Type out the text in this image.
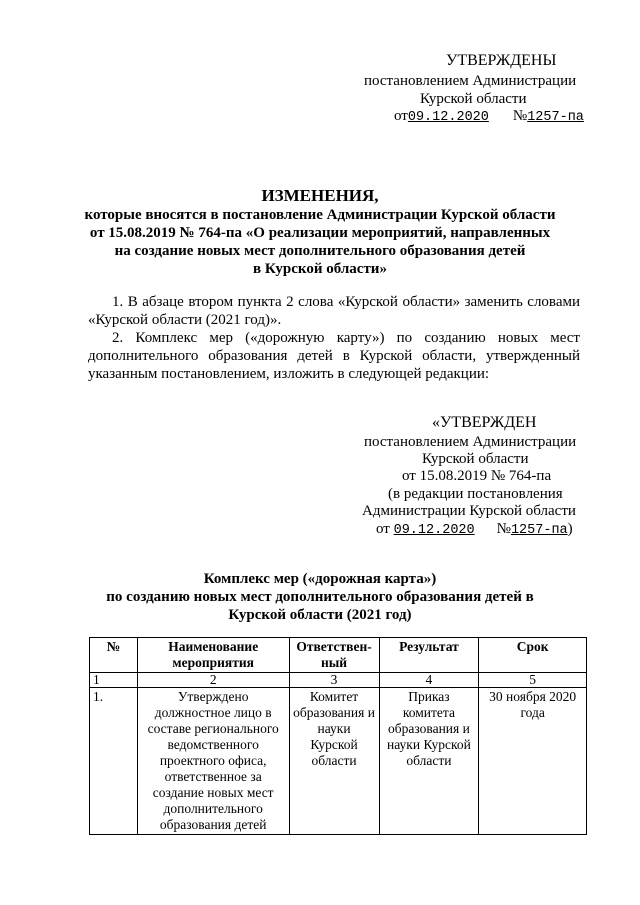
УТВЕРЖДЕНЫ
постановлением Администрации
Курской области
от09.12.2020 №1257-па
ИЗМЕНЕНИЯ,
которые вносятся в постановление Администрации Курской области
от 15.08.2019 № 764-па «О реализации мероприятий, направленных
на создание новых мест дополнительного образования детей
в Курской области»

1. В абзаце втором пункта 2 слова «Курской области» заменить словами «Курской области (2021 год)».

2. Комплекс мер («дорожную карту») по созданию новых мест дополнительного образования детей в Курской области, утвержденный указанным постановлением, изложить в следующей редакции:

«УТВЕРЖДЕН
постановлением Администрации
Курской области
от 15.08.2019 № 764-па
(в редакции постановления
Администрации Курской области
от 09.12.2020 №1257-па)
Комплекс мер («дорожная карта»)
по созданию новых мест дополнительного образования детей в
Курской области (2021 год)
№	Наименование мероприятия	Ответствен-ный	Результат	Срок
1	2	3	4	5
1.	Утверждено должностное лицо в составе регионального ведомственного проектного офиса, ответственное за создание новых мест дополнительного образования детей	Комитет образования и науки Курской области	Приказ комитета образования и науки Курской области	30 ноября 2020 года
